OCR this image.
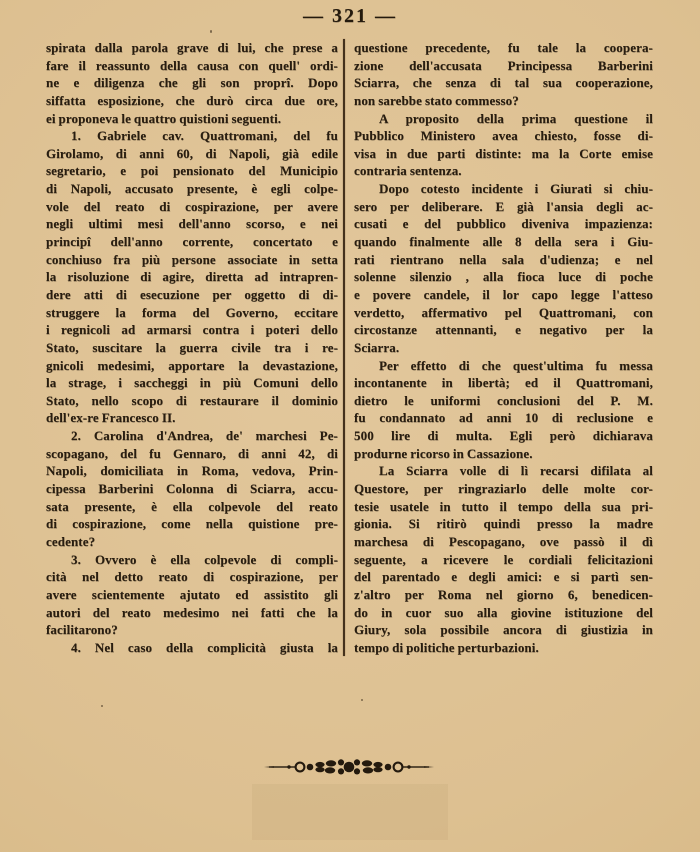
— 321 —
spirata dalla parola grave di lui, che prese a
fare il reassunto della causa con quell' ordi-
ne e diligenza che gli son proprî. Dopo
siffatta esposizione, che durò circa due ore,
ei proponeva le quattro quistioni seguenti.
1. Gabriele cav. Quattromani, del fu
Girolamo, di anni 60, di Napoli, già edile
segretario, e poi pensionato del Municipio
di Napoli, accusato presente, è egli colpe-
vole del reato di cospirazione, per avere
negli ultimi mesi dell'anno scorso, e nei
principî dell'anno corrente, concertato e
conchiuso fra più persone associate in setta
la risoluzione di agire, diretta ad intrapren-
dere atti di esecuzione per oggetto di di-
struggere la forma del Governo, eccitare
i regnicoli ad armarsi contra i poteri dello
Stato, suscitare la guerra civile tra i re-
gnicoli medesimi, apportare la devastazione,
la strage, i saccheggi in più Comuni dello
Stato, nello scopo di restaurare il dominio
dell'ex-re Francesco II.
2. Carolina d'Andrea, de' marchesi Pe-
scopagano, del fu Gennaro, di anni 42, di
Napoli, domiciliata in Roma, vedova, Prin-
cipessa Barberini Colonna di Sciarra, accu-
sata presente, è ella colpevole del reato
di cospirazione, come nella quistione pre-
cedente?
3. Ovvero è ella colpevole di compli-
cità nel detto reato di cospirazione, per
avere scientemente ajutato ed assistito gli
autori del reato medesimo nei fatti che la
facilitarono?
4. Nel caso della complicità giusta la
questione precedente, fu tale la coopera-
zione dell'accusata Principessa Barberini
Sciarra, che senza di tal sua cooperazione,
non sarebbe stato commesso?
A proposito della prima questione il
Pubblico Ministero avea chiesto, fosse di-
visa in due parti distinte: ma la Corte emise
contraria sentenza.
Dopo cotesto incidente i Giurati si chiu-
sero per deliberare. E già l'ansia degli ac-
cusati e del pubblico diveniva impazienza:
quando finalmente alle 8 della sera i Giu-
rati rientrano nella sala d'udienza; e nel
solenne silenzio , alla fioca luce di poche
e povere candele, il lor capo legge l'atteso
verdetto, affermativo pel Quattromani, con
circostanze attennanti, e negativo per la
Sciarra.
Per effetto di che quest'ultima fu messa
incontanente in libertà; ed il Quattromani,
dietro le uniformi conclusioni del P. M.
fu condannato ad anni 10 di reclusione e
500 lire di multa. Egli però dichiarava
produrne ricorso in Cassazione.
La Sciarra volle di lì recarsi difilata al
Questore, per ringraziarlo delle molte cor-
tesie usatele in tutto il tempo della sua pri-
gionia. Si ritirò quindi presso la madre
marchesa di Pescopagano, ove passò il dì
seguente, a ricevere le cordiali felicitazioni
del parentado e degli amici: e si partì sen-
z'altro per Roma nel giorno 6, benedicen-
do in cuor suo alla giovine istituzione del
Giury, sola possibile ancora di giustizia in
tempo di politiche perturbazioni.
